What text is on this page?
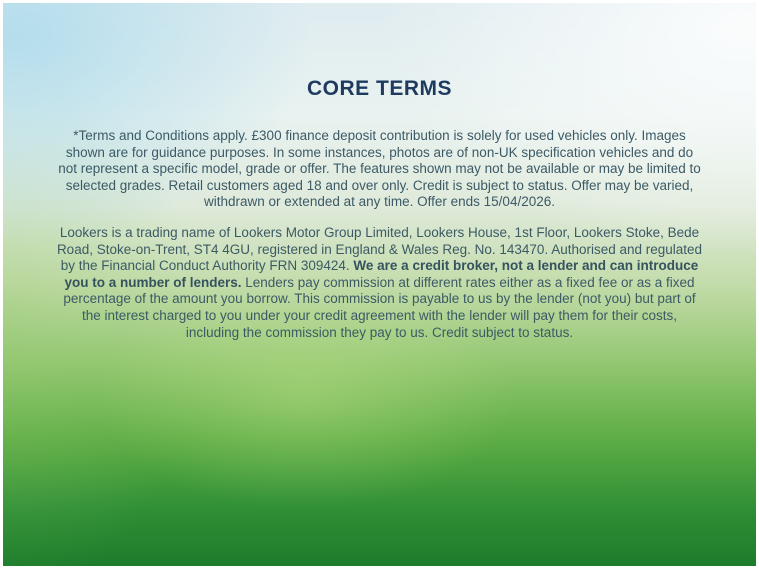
CORE TERMS

*Terms and Conditions apply. £300 finance deposit contribution is solely for used vehicles only. Images shown are for guidance purposes. In some instances, photos are of non-UK specification vehicles and do not represent a specific model, grade or offer. The features shown may not be available or may be limited to selected grades. Retail customers aged 18 and over only. Credit is subject to status. Offer may be varied, withdrawn or extended at any time. Offer ends 15/04/2026.

Lookers is a trading name of Lookers Motor Group Limited, Lookers House, 1st Floor, Lookers Stoke, Bede Road, Stoke-on-Trent, ST4 4GU, registered in England & Wales Reg. No. 143470. Authorised and regulated by the Financial Conduct Authority FRN 309424. We are a credit broker, not a lender and can introduce you to a number of lenders. Lenders pay commission at different rates either as a fixed fee or as a fixed percentage of the amount you borrow. This commission is payable to us by the lender (not you) but part of the interest charged to you under your credit agreement with the lender will pay them for their costs, including the commission they pay to us. Credit subject to status.
